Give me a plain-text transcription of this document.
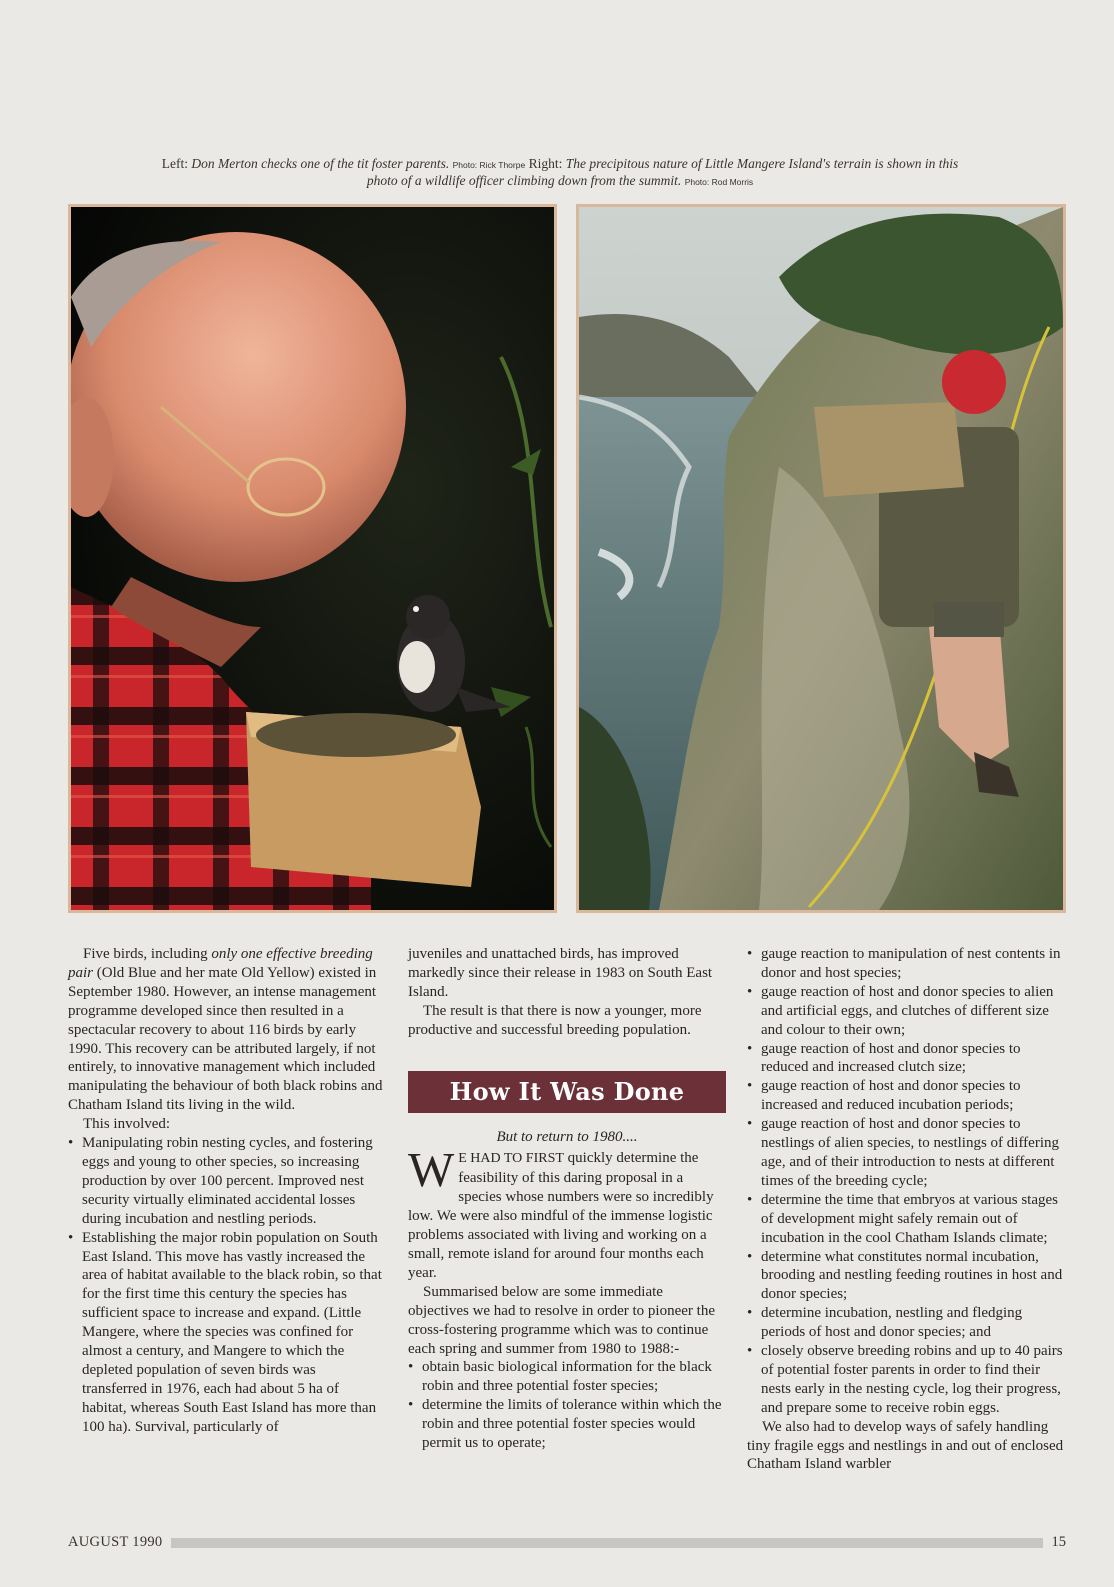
Left: Don Merton checks one of the tit foster parents. Photo: Rick Thorpe Right: The precipitous nature of Little Mangere Island's terrain is shown in this photo of a wildlife officer climbing down from the summit. Photo: Rod Morris

Five birds, including only one effective breeding pair (Old Blue and her mate Old Yellow) existed in September 1980. However, an intense management programme developed since then resulted in a spectacular recovery to about 116 birds by early 1990. This recovery can be attributed largely, if not entirely, to innovative management which included manipulating the behaviour of both black robins and Chatham Island tits living in the wild.

This involved:

• Manipulating robin nesting cycles, and fostering eggs and young to other species, so increasing production by over 100 percent. Improved nest security virtually eliminated accidental losses during incubation and nestling periods.
• Establishing the major robin population on South East Island. This move has vastly increased the area of habitat available to the black robin, so that for the first time this century the species has sufficient space to increase and expand. (Little Mangere, where the species was confined for almost a century, and Mangere to which the depleted population of seven birds was transferred in 1976, each had about 5 ha of habitat, whereas South East Island has more than 100 ha). Survival, particularly of

juveniles and unattached birds, has improved markedly since their release in 1983 on South East Island.

The result is that there is now a younger, more productive and successful breeding population.

How It Was Done
But to return to 1980....

W E HAD TO FIRST quickly determine the feasibility of this daring proposal in a species whose numbers were so incredibly low. We were also mindful of the immense logistic problems associated with living and working on a small, remote island for around four months each year.

Summarised below are some immediate objectives we had to resolve in order to pioneer the cross-fostering programme which was to continue each spring and summer from 1980 to 1988:-

• obtain basic biological information for the black robin and three potential foster species;
• determine the limits of tolerance within which the robin and three potential foster species would permit us to operate;
• gauge reaction to manipulation of nest contents in donor and host species;
• gauge reaction of host and donor species to alien and artificial eggs, and clutches of different size and colour to their own;
• gauge reaction of host and donor species to reduced and increased clutch size;
• gauge reaction of host and donor species to increased and reduced incubation periods;
• gauge reaction of host and donor species to nestlings of alien species, to nestlings of differing age, and of their introduction to nests at different times of the breeding cycle;
• determine the time that embryos at various stages of development might safely remain out of incubation in the cool Chatham Islands climate;
• determine what constitutes normal incubation, brooding and nestling feeding routines in host and donor species;
• determine incubation, nestling and fledging periods of host and donor species; and
• closely observe breeding robins and up to 40 pairs of potential foster parents in order to find their nests early in the nesting cycle, log their progress, and prepare some to receive robin eggs.

We also had to develop ways of safely handling tiny fragile eggs and nestlings in and out of enclosed Chatham Island warbler

AUGUST 1990	15
